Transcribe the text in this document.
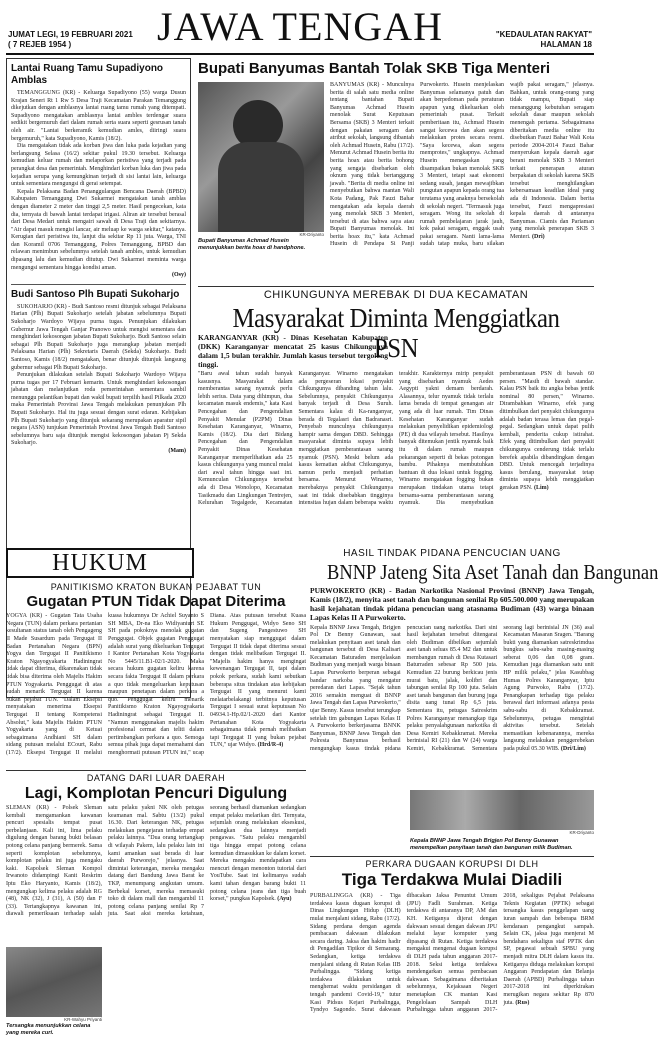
JUMAT LEGI, 19 FEBRUARI 2021
( 7 REJEB 1954 )	JAWA TENGAH	"KEDAULATAN RAKYAT"
HALAMAN 18
Lantai Ruang Tamu Supadiyono Amblas

TEMANGGUNG (KR) - Keluarga Supadiyono (55) warga Dusun Krajan Seneri Rt 1 Rw 5 Desa Traji Kecamatan Parakan Temanggung dikejutkan dengan amblasnya lantai ruang tamu rumah yang ditempati. Supadiyono mengatakan amblasnya lantai ambles terdengar suara sedikit bergemuruh dari dalam rumah serta suara seperti gesrusan tanah oleh air. "Lantai berkeramik kemudian amles, diiringi suara bergemuruh," kata Supadiyono, Kamis (18/2).

Dia mengatakan tidak ada korban jiwa dan luka pada kejadian yang berlangsung Selasa (16/2) sekitar pukul 19.30 tersebut. Keluarga kemudian keluar rumah dan melaporkan peristiwa yang terjadi pada perangkat desa dan pemerintah. Menghindari korban luka dan jiwa pada kejadian serupa yang kemungkinan terjadi di sisi lantai lain, keluarga untuk sementara mengungsi di gerai setempat.

Kepala Pelaksana Badan Penanggulangan Bencana Daerah (BPBD) Kabupaten Temanggung Dwi Sukarmei mengatakan tanah amblas dengan diameter 2 meter dan tinggi 2,5 meter. Hasil pengecekan, kata dia, ternyata di bawah lantai terdapat irigasi. Aliran air tersebut berasal dari Desa Medari untuk mengairi sawah di Desa Traji dan sekitarnya. "Air dapat masuk mengisi lancar, air meluap ke warga sekitar," katanya. Kerugian dari peristiwa itu, lanjut dia sekitar Rp 11 juta. Warga, TNI dan Koramil 0706 Temanggung, Polres Temanggung, BPBD dan relawan menimbun sebelumnya setelah tanah ambles, untuk kemudian dipasang lalu dan kemudian ditutup. Dwi Sukarmei meminta warga mengungsi sementara hingga kondisi aman.

(Osy)
Budi Santoso Plh Bupati Sukoharjo

SUKOHARJO (KR) - Budi Santoso resmi ditunjuk sebagai Pelaksana Harian (Plh) Bupati Sukoharjo setelah jabatan sebelumnya Bupati Sukoharjo Wardoyo Wijaya purna tugas. Penunjukan dilakukan Gubernur Jawa Tengah Ganjar Pranowo untuk mengisi sementara dan menghindari kekosongan jabatan Bupati Sukoharjo. Budi Santoso selain sebagai Plh Bupati Sukoharjo juga merangkap jabatan menjadi Pelaksana Harian (Plh) Sekretaris Daerah (Sekda) Sukoharjo. Budi Santoso, Kamis (18/2) mengatakan, benar ditunjuk ditunjuk langsung gubernur sebagai Plh Bupati Sukoharjo.

Penunjukan dilakukan setelah Bupati Sukoharjo Wardoyo Wijaya purna tugas per 17 Februari kemarin. Untuk menghindari kekosongan jabatan dan melanjutkan roda pemerintahan sementara sambil menunggu pelantikan bupati dan wakil bupati terpilih hasil Pilkada 2020 maka Pemerintah Provinsi Jawa Tengah melakukan penunjukan Plh Bupati Sukoharjo. Hal itu juga sesuai dengan surat edaran. Kebijakan Plh Bupati Sukoharjo yang ditunjuk sekarang merupakan aparatur sipil negara (ASN) tunjukan Pemerintah Provinsi Jawa Tengah Budi Santoso sebelumnya baru saja ditunjuk mengisi kekosongan jabatan Pj Sekda Sukoharjo.

(Mam)
Bupati Banyumas Bantah Tolak SKB Tiga Menteri
KR-Driyanto
Bupati Banyumas Achmad Husein menunjukkan berita hoax di handphone.
BANYUMAS (KR) - Munculnya berita di salah satu media online tentang bantahan Bupati Banyumas Achmad Husein menolak Surat Keputusan Bersama (SKB) 3 Menteri terkait dengan pakaian seragam dan atribut sekolah, langsung dibantah oleh Achmad Husein, Rabu (17/2). Menurut Achmad Husein berita itu berita hoax atau berita bohong yang sengaja disebarkan oleh oknum yang tidak bertanggung jawab. "Berita di media online ini menyebutkan bahwa mantan Wali Kota Padang, Pak Fauzi Bahar mengatakan ada kepala daerah yang menolak SKB 3 Menteri, tersebut di atas bahwa saya atau Bupati Banyumas menolak. Ini berita hoax itu," kata Achmad Husein di Pendapa Si Panji Purwokerto. Husein menjelaskan Banyumas selamanya patuh dan akan berpedoman pada peraturan apapun yang dikeluarkan oleh pemerintah pusat. Terkait pemberitaan itu, Achmad Husein sangat kecewa dan akan segera melakukan protes secara resmi. "Saya kecewa, akan segera memprotes," ungkapnya. Achmad Husein menegaskan yang disampaikan bukan menolak SKB 3 Menteri, tetapi saat ekonomi sedang susah, jangan mewajibkan pungutan apapun kepada orang tua terutama yang anaknya bersekolah di sekolah negeri. "Termasuk juga seragam. Wong itu sekolah di rumah pembelajaran jarak jauh, kok pakai seragam, enggak usah pakai seragam. Nanti lama-lama sudah tatap muka, baru silakan wajib pakai seragam," jelasnya. Bahkan, untuk orang-orang yang tidak mampu, Bupati siap menanggung kebutuhan seragam sekolah dasar maupun sekolah menengah pertama. Sebagaimana diberitakan media online itu disebutkan Fauzi Bahar Wali Kota periode 2004-2014 Fauzi Bahar menyerukan kepala daerah agar berani menolak SKB 3 Menteri terkait penerapan aturan berpakaian di sekolah karena SKB tersebut menghilangkan kebersamaan keadilan ideal yang ada di Indonesia. Dalam berita tersebut, Fauzi mengapresiasi kepala daerah di antaranya Banyumas. Ciamis dan Pariaman yang menolak penerapan SKB 3 Menteri. (Dri)
CHIKUNGUNYA MEREBAK DI DUA KECAMATAN
Masyarakat Diminta Menggiatkan PSN
KARANGANYAR (KR) - Dinas Kesehatan Kabupaten (DKK) Karanganyar mencatat 25 kasus Chikungunya dalam 1,5 bulan terakhir. Jumlah kasus tersebut tergolong tinggi.
"Baru awal tahun sudah banyak kasusnya. Masyarakat dalam memberantas sarang nyamuk perlu lebih serius. Data yang dihimpun, dua kecamatan masuk endemis," kata Kasi Pencegahan dan Pengendalian Penyakit Menular (P2PM) Dinas Kesehatan Karanganyar, Winarno, Kamis (18/2). Dia dari Bidang Pencegahan dan Pengendalian Penyakit Dinas Kesehatan Karanganyar memperlihatkan ada 25 kasus chikungunya yang muncul mulai dari awal tahun hingga saat ini. Kemunculan Chikungunya tersebut ada di Desa Wonolopo, Kecamatan Tasikmadu dan Lingkungan Tentrejen, Kelurahan Tegalgede, Kecamatan Karanganyar. Winarno mengatakan ada pergeseran lokasi penyakit Chikungunya dibanding tahun lalu. Sebelumnya, penyakit Chikungunya banyak terjadi di Desa Suruh. Sementara kalau di Ka-ranganyar, berada di Tegalasri dan Badranasri. Penyebab munculnya chikungunya hampir sama dengan DBD. Sehingga masyarakat diminta supaya lebih menggiatkan pemberantasan sarang nyamuk (PSN). Meski belum ada kasus kematian akibat Chikungunya, namun perlu menjadi perhatian bersama. Menurut Winarno, merebaknya penyakit Chikungunya saat ini tidak disebabkan tingginya intensitas hujan dalam beberapa waktu terakhir. Karakternya mirip penyakit yang disebarkan nyamuk Aedes Aegypti yakni demam berdarah. Alasannya, telur nyamuk tidak terlalu lama berada di tempat genangan air yang ada di luar rumah. Tim Dinas Kesehatan Karanganyar sudah melakukan penyelidikan epidemiologi (PE) di dua wilayah tersebut. Hasilnya banyak ditemukan jentik nyamuk baik itu di dalam rumah maupun pekarangan seperti di bekas potongan bambu. Pihaknya membutuhkan bantuan di dua lokasi untuk fogging. Winarno mengatakan fogging bukan merupakan tindakan utama tetapi bersama-sama pemberantasan sarang nyamuk. Dia menyebutkan pemberantasan PSN di bawah 60 persen. "Masih di bawah standar. Kalau PSN baik itu angka bebas jentik nominal 80 persen," Winarno. Dirambahkan Winarno, efek yang ditimbulkan dari penyakit chikungunya adalah badan terasa lemas dan pegal-pegal. Sedangkan untuk dapat pulih kembali, penderita cukup istirahat. Efek yang ditimbulkan dari penyakit chikungunya cenderung tidak terlalu berefek apabila dibandingkan dengan DBD. Untuk mencegah terjadinya kasus berulang, masyarakat tetap diminta supaya lebih menggiatkan gerakan PSN. (Lim)
HUKUM
PANITIKISMO KRATON BUKAN PEJABAT TUN
Gugatan PTUN Tidak Dapat Diterima
YOGYA (KR) - Gugatan Tata Usaha Negara (TUN) dalam perkara pertanian kesultanan status tanah oleh Pengageng II Made Susardum pada Tergugat II Badan Pertanahan Negara (BPN) Yogya dan Tergugat II Panitikismo Kraton Ngayogyakarta Hadiningrat tidak dapat diterima, dikarenakan tidak tidak bisa diterima oleh Majelis Hakim PTUN Yogyakarta. Penggugat di atas sudah menarik Tergugat II karena bukan pejabat TUN. "Dalam Eksepsi menyatakan menerima Eksepsi Tergugat II tentang Kompetensi Absolut," kata Majelis Hakim PTUN Yogyakarta yang di Ketuai sebagaimana Andhiani SH dalam sidang putusan melalui ECourt, Rabu (17/2). Eksepsi Tergugat II melalui kuasa hukumnya Dr Achiel Suyanto S SH MBA, Dr-na Eko Widiyaniurt SE SH pada pokoknya menolak gugatan Penggugat. Objek gugatan Penggugat adalah surat yang dikeluarkan Tergugat I Kantor Pertanahan Kota Yogyakarta No 5445/11.B1-02/1-2020. Maka secara hukum gugatan keliru karena secara fakta Tergugat II dalam perkara a quo tidak mengeluarkan keputusan maupun penetapan dalam perkara a quo. Penggugat keliru menarik Panitikismo Kraton Ngayogyakarta Hadiningrat sebagai Tergugat II. "Namun menggunakan majelis hakim profesional cermat dan teliti dalam pertimbangkan perkara a quo. Semoga semua pihak juga dapat memahami dan menghormati putusan PTUN ini," ucap Diana. Atas putusan tersebut Kuasa Hukum Penggugat, Widyo Seno SH dan Sugeng Pangestuwo SH menyatakan siap menggugat dalam Tergugat II tidak dapat diterima sesuai dengan tidak melibatkan Tergugat II. "Majelis hakim hanya mengingat kewenangan Tergugat II, tapi dalam pokok perkara, sudah kami sebutkan beberapa situs tindakan atas kebijakan Tergugat II yang menurut kami melatarbelakangi terbitnya keputusan Tergugat I sesuai surat keputusan No 04934.1-Hp.02/1-2020 dari Kantor Pertanahan Kota Yogyakarta sebagaimana tidak pernah melibatkan tapi Tergugat II yang bukan pejabat TUN," ujar Widyo. (Hrd/R-4)
HASIL TINDAK PIDANA PENCUCIAN UANG
BNNP Jateng Sita Aset Tanah dan Bangunan
PURWOKERTO (KR) - Badan Narkotika Nasional Provinsi (BNNP) Jawa Tengah, Kamis (18/2), menyita aset tanah dan bangunan senilai Rp 605.500.000 yang merupakan hasil kejahatan tindak pidana pencucian uang atasnama Budiman (43) warga binaan Lapas Kelas II A Purwokerto.
Kepala BNNP Jawa Tengah, Brigjen Pol Dr Benny Gunawan, saat melakukan penyitaan aset tanah dan bangunan tersebut di Desa Kalisari Kecamatan Baturaden menjelaskan Budiman yang menjadi warga binaan Lapas Purwokerto berperan sebagai bandar narkoba yang mengatur peredaran dari Lapas. "Sejak tahun 2016 semakin menguat di BNNP Jawa Tengah dan Lapas Purwokerto," ujar Benny. Kasus tersebut terungkap setelah tim gabungan Lapas Kelas II A Purwokerto berkerjasama BNNK Banyumas, BNNP Jawa Tengah dan Polresta Banyumas berhasil mengungkap kasus tindak pidana pencucian uang narkotika. Dari sini hasil kejahatan tersebut ditengarai oleh Budiman dibelikan sejumlah aset tanah seluas 85.4 M2 dan untuk membangun rumah di Desa Kutasari Baturraden sebesar Rp 500 juta. Kemudian 22 burung berkicau jenis murai batu, jalak, kolibri dan tabungan senilai Rp 100 juta. Selain aset tanah bangunan dan burung juga disita uang tunai Rp 6,5 juta. Sementara itu, petugas Satreskrim Polres Karanganyar menangkap tiga pelaku penyalahgunaan narkotika di Desa Kemiri Kebakkramat. Mereka berinisial RI (21) dan W (24) warga Kemiri, Kebakkramat. Sementara seorang lagi berinisial JN (36) asal Kecamatan Masaran Sragen. "Barang bukti yang diamankan satreskrimdua bungkus sabu-sabu masing-masing seberat 0,06 dan 0,08 gram. Kemudian juga diamankan satu unit HP milik pelaku," jelas Kasubbag Humas Polres Karanganyar, Iptu Agung Purwoko, Rabu (17/2). Penangkapan terhadap tiga pelaku berawal dari informasi adanya pesta sabu-sabu di Kebakkramat. Sebelumnya, petugas mengintai aktivitas tersebut. Setelah memastikan kebenarannya, mereka langsung melakukan penggerebekan pada pukul 05.30 WIB. (Dri/Lim)
KR-Driyanto
Kepala BNNP Jawa Tengah Brigjen Pol Benny Gunawan menempelkan penyitaan tanah dan bangunan milik Budiman.
DATANG DARI LUAR DAERAH
Lagi, Komplotan Pencuri Digulung
SLEMAN (KR) - Polsek Sleman kembali mengamankan kawanan pencuri spesialis tempat pusat perbelanjaan. Kali ini, lima pelaku digulung dengan barang bukti belasan potong celana panjang bermerek. Sama seperti komplotan sebelumnya, komplotan pelaku ini juga mengaku kaki. Kapolsek Sleman Kompol Irwanoto didampingi Kanit Reskrim Iptu Eko Haryanto, Kamis (18/2), mengungkap kelima pelaku adalah RG (48), NK (32), J (31), A (50) dan F (33). Tertangkapnya kawanan ini, diawali pemeriksaan terhadap salah satu pelaku yakni NK oleh petugas keamanan mal. Sabtu (13/2) pukul 16.30. Dari keterangan NK, petugas melakukan pengejaran terhadap empat pelaku lainnya. "Dua orang tertangkap di wilayah Pakem, lalu pelaku lain ini kami amankan saat berada di luar daerah Purworejo," jelasnya. Saat dimintai keterangan, mereka mengaku datang dari Bandung Jawa Barat ke TKP, menumpang angkutan umum. Berbekal korset, mereka memasuki toko di dalam mall dan mengambil 11 potong celana panjang senilai Rp 7 juta. Saat aksi mereka ketahuan, seorang berhasil diamankan sedangkan empat pelaku melarikan diri. Ternyata, sejumlah orang melakukan ekseskusi, sedangkan dua lainnya menjadi pengawas. "Satu pelaku mengambil tiga hingga empat potong celana kemudian dimasukkan ke dalam korset. Mereka mengaku mendapatkan cara mencuri dengan menonton tutorial dari YouTube. Saat ini kelimanya sudah kami tahan dengan barang bukti 11 potong celana jeans dan tiga buah korset," pungkas Kapolsek. (Ayu)
KR-Wahyu Priyanti
Tersangka menunjukkan celana yang mereka curi.
PERKARA DUGAAN KORUPSI DI DLH
Tiga Terdakwa Mulai Diadili
PURBALINGGA (KR) - Tiga terdakwa kasus dugaan korupsi di Dinas Lingkungan Hidup (DLH) mulai menjalani sidang, Rabu (17/2). Sidang perdana dengan agenda pembacaan dakwaan dilakukan secara daring. Jaksa dan hakim hadir di Pengadilan Tipikor di Semarang. Sedangkan, ketiga terdakwa menjalani sidang di Rutan Kelas IIB Purbalingga. "Sidang ketiga terdakwa dilakukan untuk menghemat waktu persidangan di tengah pandemi Covid-19," tutur Kasi Pidsus Kejari Purbalingga, Tyndyo Sagondo. Surat dakwaan dibacakan Jaksa Penuntut Umum (JPU) Fadli Surahman. Ketiga terdakwa di antaranya DP, AM dan KH. Ketiganya dijerat dengan dakwaan sesuai dengan dakwan JPU melalui layar komputer yang dipasang di Rutan. Ketiga terdakwa mengakui mengenai dugaan korupsi di DLH pada tahun anggaran 2017-2018. Seksi ketiga terdakwa mendengarkan semua pembacaan dakwaan. Sebagaimana diberitakan sebelumnya, Kejaksaan Negeri menetapkan CK mantan Kasi Pengelolaan Sampah DLH Purbalingga tahun anggaran 2017-2018, sekaligus Pejabat Pelaksana Teknis Kegiatan (PPTK) sebagai tersangka kasus penggelapan uang iuran sampah dan beberapa BRM kendaraan pengangkut sampah. Selain CK, jaksa juga menjerat M bendahara sekaligus staf PPTK dan SP, pegawai sebuah SPBU yang menjadi mitra DLH dalam kasus itu. Ketiganya diduga melakukan korupsi Anggaran Pendapatan dan Belanja Daerah (APBD) Purbalingga tahun 2017-2018 ini diperkirakan merugikan negara sekitar Rp 870 juta. (Rus)
